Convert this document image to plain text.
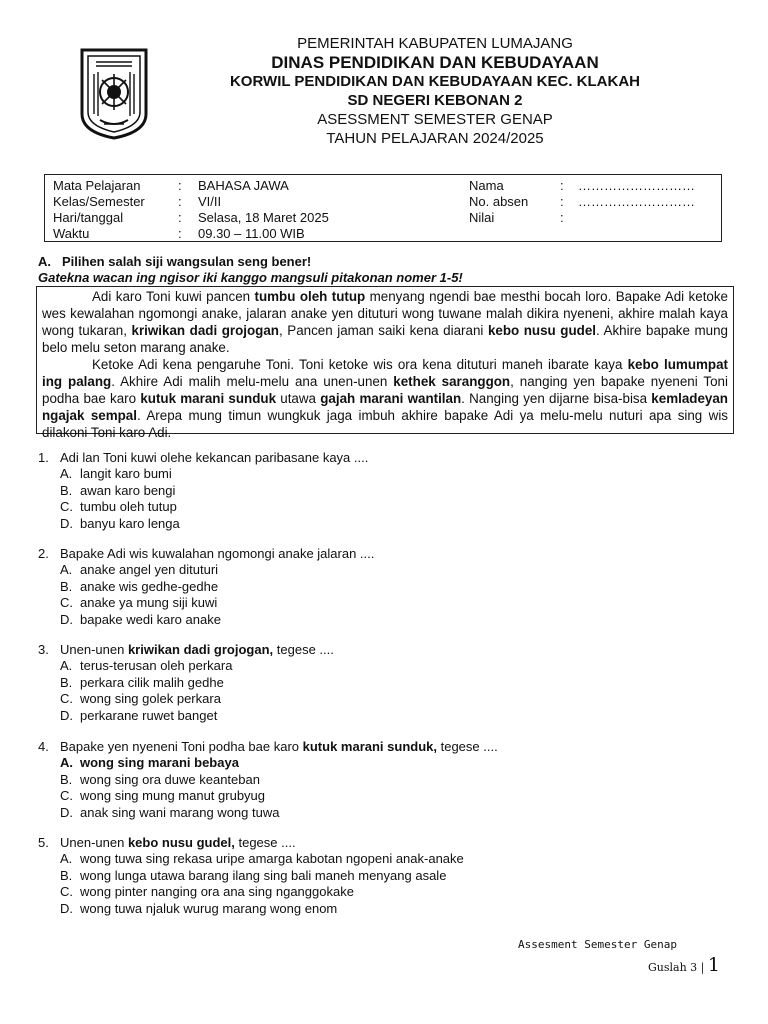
PEMERINTAH KABUPATEN LUMAJANG
DINAS PENDIDIKAN DAN KEBUDAYAAN
KORWIL PENDIDIKAN DAN KEBUDAYAAN KEC. KLAKAH
SD NEGERI KEBONAN 2
ASESSMENT SEMESTER GENAP
TAHUN PELAJARAN 2024/2025
Mata Pelajaran	: BAHASA JAWA
Kelas/Semester	: VI/II
Hari/tanggal	: Selasa, 18 Maret 2025
Waktu	: 09.30 – 11.00 WIB
Nama	: ………………………
No. absen : ………………………
Nilai	:
A. Pilihen salah siji wangsulan seng bener!
Gatekna wacan ing ngisor iki kanggo mangsuli pitakonan nomer 1-5!

Adi karo Toni kuwi pancen tumbu oleh tutup menyang ngendi bae mesthi bocah loro. Bapake Adi ketoke wes kewalahan ngomongi anake, jalaran anake yen dituturi wong tuwane malah dikira nyeneni, akhire malah kaya wong tukaran, kriwikan dadi grojogan, Pancen jaman saiki kena diarani kebo nusu gudel. Akhire bapake mung belo melu seton marang anake.

Ketoke Adi kena pengaruhe Toni. Toni ketoke wis ora kena dituturi maneh ibarate kaya kebo lumumpat ing palang. Akhire Adi malih melu-melu ana unen-unen kethek saranggon, nanging yen bapake nyeneni Toni podha bae karo kutuk marani sunduk utawa gajah marani wantilan. Nanging yen dijarne bisa-bisa kemladeyan ngajak sempal. Arepa mung timun wungkuk jaga imbuh akhire bapake Adi ya melu-melu nuturi apa sing wis dilakoni Toni karo Adi.

1. Adi lan Toni kuwi olehe kekancan paribasane kaya ....
A. langit karo bumi
B. awan karo bengi
C. tumbu oleh tutup
D. banyu karo lenga
2. Bapake Adi wis kuwalahan ngomongi anake jalaran ....
A. anake angel yen dituturi
B. anake wis gedhe-gedhe
C. anake ya mung siji kuwi
D. bapake wedi karo anake
3. Unen-unen kriwikan dadi grojogan, tegese ....
A. terus-terusan oleh perkara
B. perkara cilik malih gedhe
C. wong sing golek perkara
D. perkarane ruwet banget
4. Bapake yen nyeneni Toni podha bae karo kutuk marani sunduk, tegese ....
A. wong sing marani bebaya
B. wong sing ora duwe keanteban
C. wong sing mung manut grubyug
D. anak sing wani marang wong tuwa
5. Unen-unen kebo nusu gudel, tegese ....
A. wong tuwa sing rekasa uripe amarga kabotan ngopeni anak-anake
B. wong lunga utawa barang ilang sing bali maneh menyang asale
C. wong pinter nanging ora ana sing nganggokake
D. wong tuwa njaluk wurug marang wong enom
Assesment Semester Genap
Guslah 3 | 1
